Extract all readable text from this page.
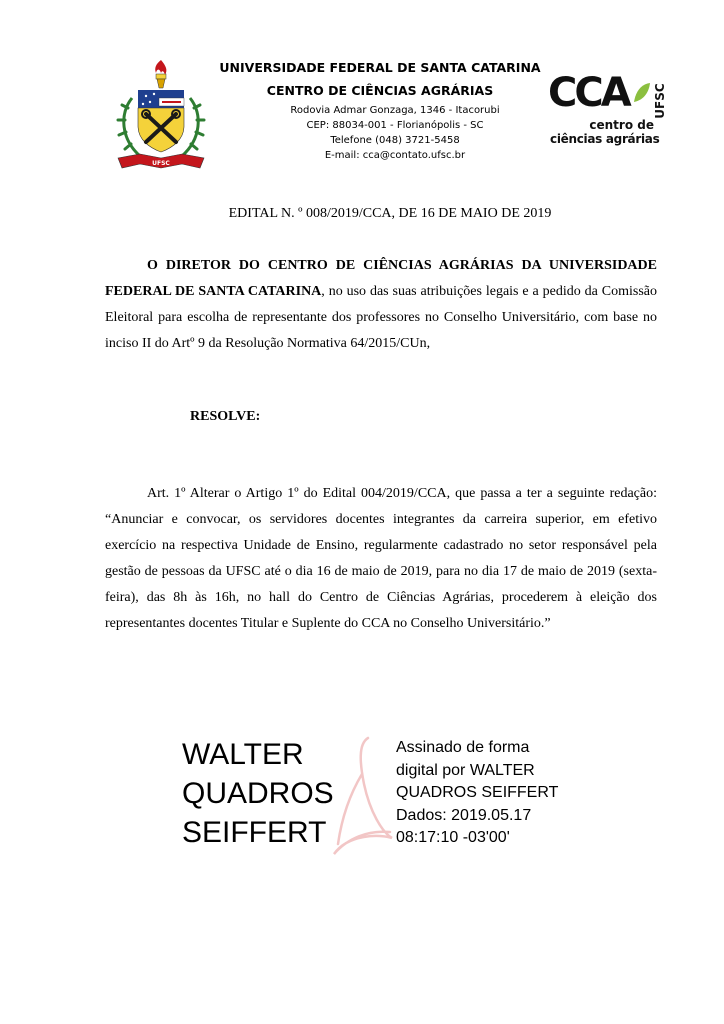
UFSC
UNIVERSIDADE FEDERAL DE SANTA CATARINA
CENTRO DE CIÊNCIAS AGRÁRIAS
Rodovia Admar Gonzaga, 1346 - Itacorubi
CEP: 88034-001 - Florianópolis - SC
Telefone (048) 3721-5458
E-mail: cca@contato.ufsc.br
CCA UFSC
centro de
ciências agrárias
EDITAL N. º 008/2019/CCA, DE 16 DE MAIO DE 2019

O DIRETOR DO CENTRO DE CIÊNCIAS AGRÁRIAS DA UNIVERSIDADE FEDERAL DE SANTA CATARINA, no uso das suas atribuições legais e a pedido da Comissão Eleitoral para escolha de representante dos professores no Conselho Universitário, com base no inciso II do Artº 9 da Resolução Normativa 64/2015/CUn,

RESOLVE:

Art. 1º Alterar o Artigo 1º do Edital 004/2019/CCA, que passa a ter a seguinte redação: “Anunciar e convocar, os servidores docentes integrantes da carreira superior, em efetivo exercício na respectiva Unidade de Ensino, regularmente cadastrado no setor responsável pela gestão de pessoas da UFSC até o dia 16 de maio de 2019, para no dia 17 de maio de 2019 (sexta-feira), das 8h às 16h, no hall do Centro de Ciências Agrárias, procederem à eleição dos representantes docentes Titular e Suplente do CCA no Conselho Universitário.”

WALTER
QUADROS
SEIFFERT
Assinado de forma
digital por WALTER
QUADROS SEIFFERT
Dados: 2019.05.17
08:17:10 -03'00'
